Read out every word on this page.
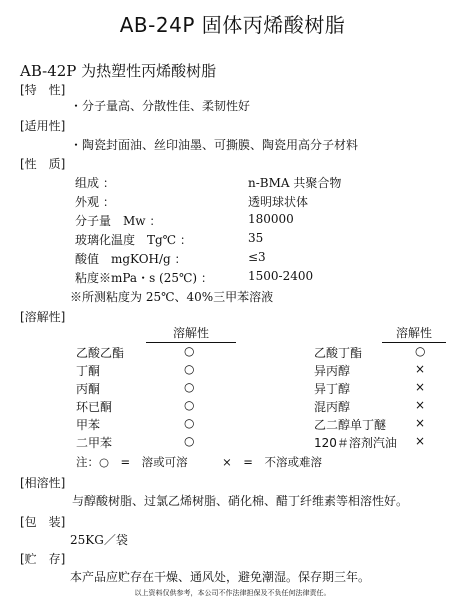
AB-24P 固体丙烯酸树脂
AB-42P 为热塑性丙烯酸树脂
[特　性]
・分子量高、分散性佳、柔韧性好
[适用性]
・陶瓷封面油、丝印油墨、可撕膜、陶瓷用高分子材料
[性　质]
组成 ：	n-BMA 共聚合物
外观 ：	透明球状体
分子量　Mw ：	180000
玻璃化温度　Tg℃ ：	35
酸值　mgKOH/g ：	≤3
粘度※mPa・s (25℃) ：	1500-2400
※所测粘度为 25℃、40%三甲苯溶液
[溶解性]
溶解性	溶解性
乙酸乙酯	○
丁酮	○
丙酮	○
环已酮	○
甲苯	○
二甲苯	○
乙酸丁酯	○
异丙醇	×
异丁醇	×
混丙醇	×
乙二醇单丁醚 ×
120＃溶剂汽油 ×
注：○　=　溶或可溶　　　×　=　不溶或难溶
[相溶性]
与醇酸树脂、过氯乙烯树脂、硝化棉、醋丁纤维素等相溶性好。
[包　装]
25KG／袋
[贮　存]
本产品应贮存在干燥、通风处，避免潮湿。保存期三年。
以上资料仅供参考，本公司不作法律担保及不负任何法律责任。
